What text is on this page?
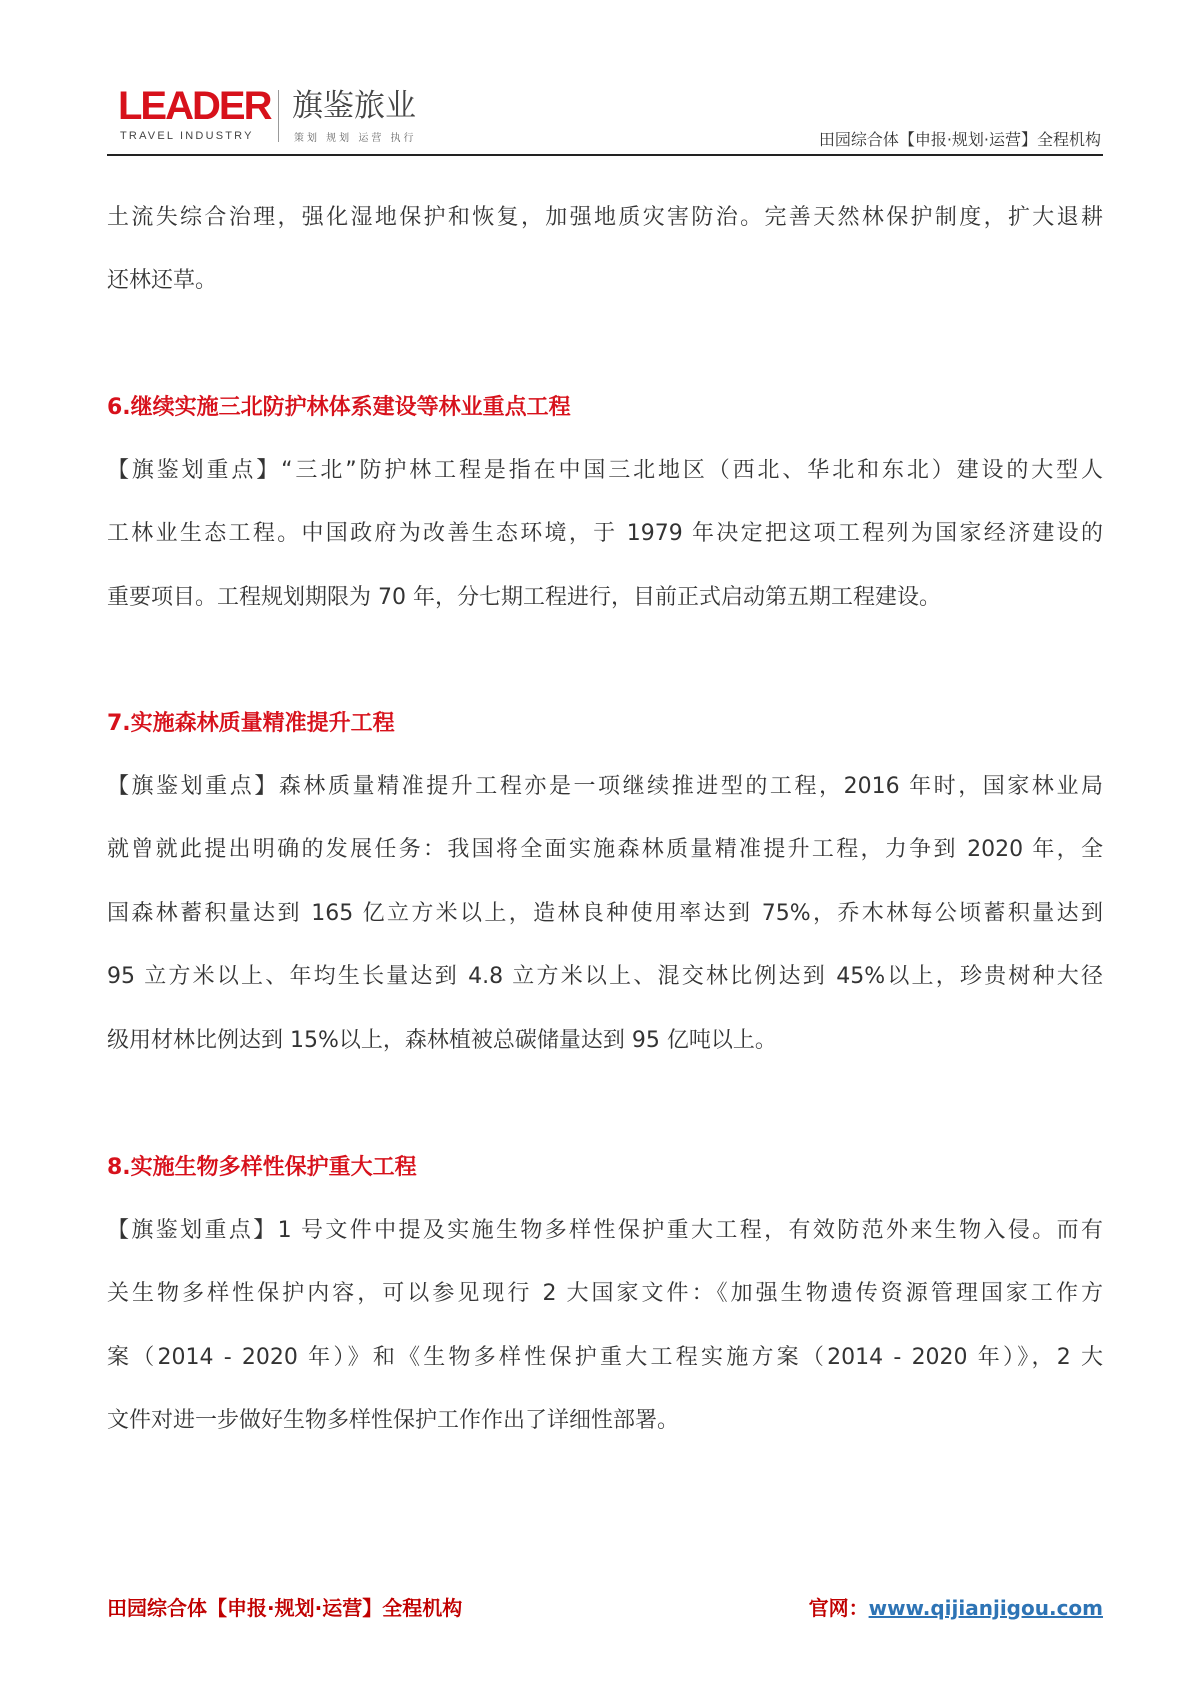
LEADER
TRAVEL INDUSTRY
旗鉴旅业
策划 规划 运营 执行	田园综合体【申报·规划·运营】全程机构
土流失综合治理，强化湿地保护和恢复，加强地质灾害防治。完善天然林保护制度，扩大退耕
还林还草。
6.继续实施三北防护林体系建设等林业重点工程
【旗鉴划重点】“三北”防护林工程是指在中国三北地区（西北、华北和东北）建设的大型人
工林业生态工程。中国政府为改善生态环境，于 1979 年决定把这项工程列为国家经济建设的
重要项目。工程规划期限为 70 年，分七期工程进行，目前正式启动第五期工程建设。
7.实施森林质量精准提升工程
【旗鉴划重点】森林质量精准提升工程亦是一项继续推进型的工程，2016 年时，国家林业局
就曾就此提出明确的发展任务：我国将全面实施森林质量精准提升工程，力争到 2020 年，全
国森林蓄积量达到 165 亿立方米以上，造林良种使用率达到 75%，乔木林每公顷蓄积量达到
95 立方米以上、年均生长量达到 4.8 立方米以上、混交林比例达到 45%以上，珍贵树种大径
级用材林比例达到 15%以上，森林植被总碳储量达到 95 亿吨以上。
8.实施生物多样性保护重大工程
【旗鉴划重点】1 号文件中提及实施生物多样性保护重大工程，有效防范外来生物入侵。而有
关生物多样性保护内容，可以参见现行 2 大国家文件：《加强生物遗传资源管理国家工作方
案（2014 - 2020 年）》和《生物多样性保护重大工程实施方案（2014 - 2020 年）》，2 大
文件对进一步做好生物多样性保护工作作出了详细性部署。
田园综合体【申报·规划·运营】全程机构	官网：www.qijianjigou.com
